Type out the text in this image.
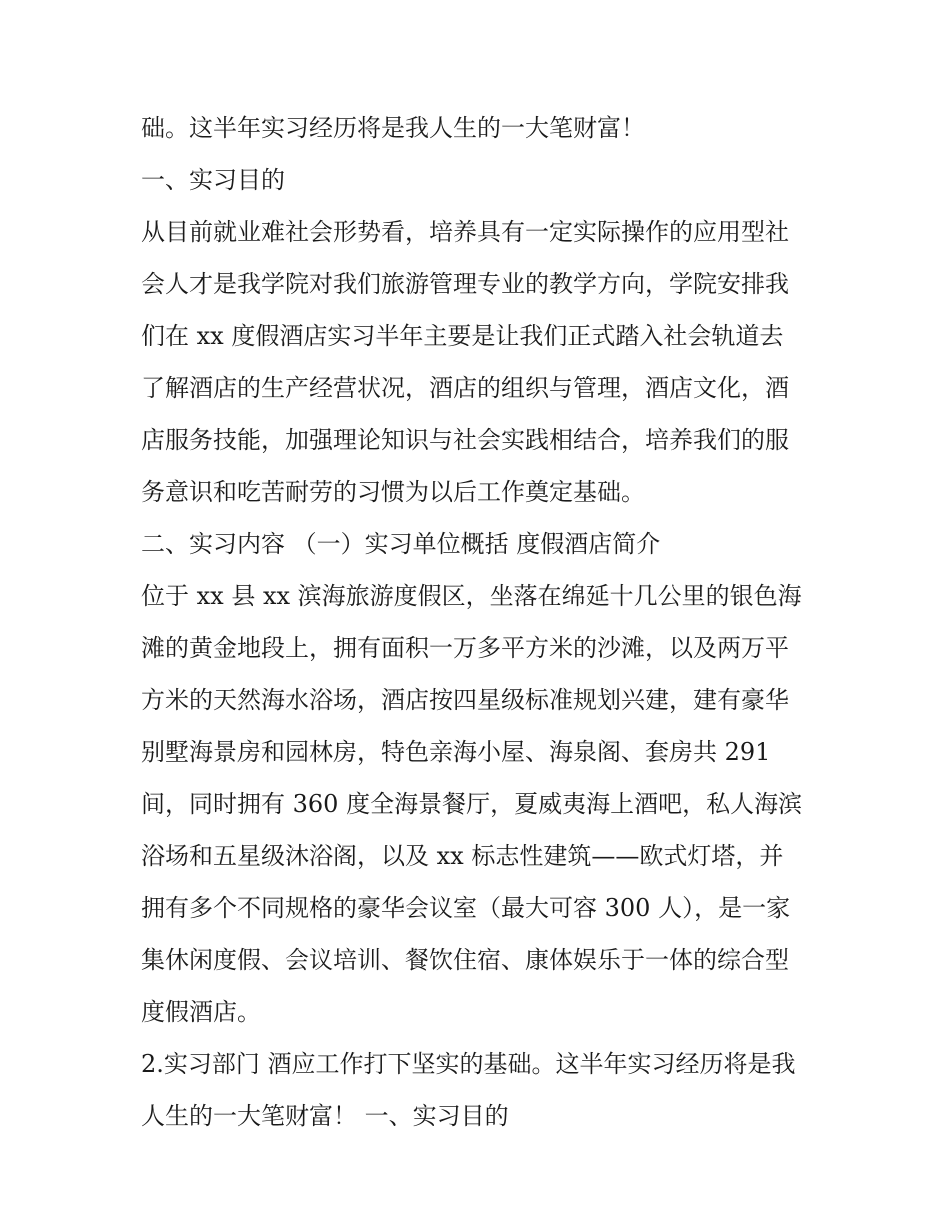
础。这半年实习经历将是我人生的一大笔财富！
一、实习目的
从目前就业难社会形势看，培养具有一定实际操作的应用型社
会人才是我学院对我们旅游管理专业的教学方向，学院安排我
们在 xx 度假酒店实习半年主要是让我们正式踏入社会轨道去
了解酒店的生产经营状况，酒店的组织与管理，酒店文化，酒
店服务技能，加强理论知识与社会实践相结合，培养我们的服
务意识和吃苦耐劳的习惯为以后工作奠定基础。
二、实习内容 （一）实习单位概括 度假酒店简介
位于 xx 县 xx 滨海旅游度假区，坐落在绵延十几公里的银色海
滩的黄金地段上，拥有面积一万多平方米的沙滩，以及两万平
方米的天然海水浴场，酒店按四星级标准规划兴建，建有豪华
别墅海景房和园林房，特色亲海小屋、海泉阁、套房共 291
间，同时拥有 360 度全海景餐厅，夏威夷海上酒吧，私人海滨
浴场和五星级沐浴阁，以及 xx 标志性建筑——欧式灯塔，并
拥有多个不同规格的豪华会议室（最大可容 300 人），是一家
集休闲度假、会议培训、餐饮住宿、康体娱乐于一体的综合型
度假酒店。
2.实习部门 酒应工作打下坚实的基础。这半年实习经历将是我
人生的一大笔财富！ 一、实习目的
